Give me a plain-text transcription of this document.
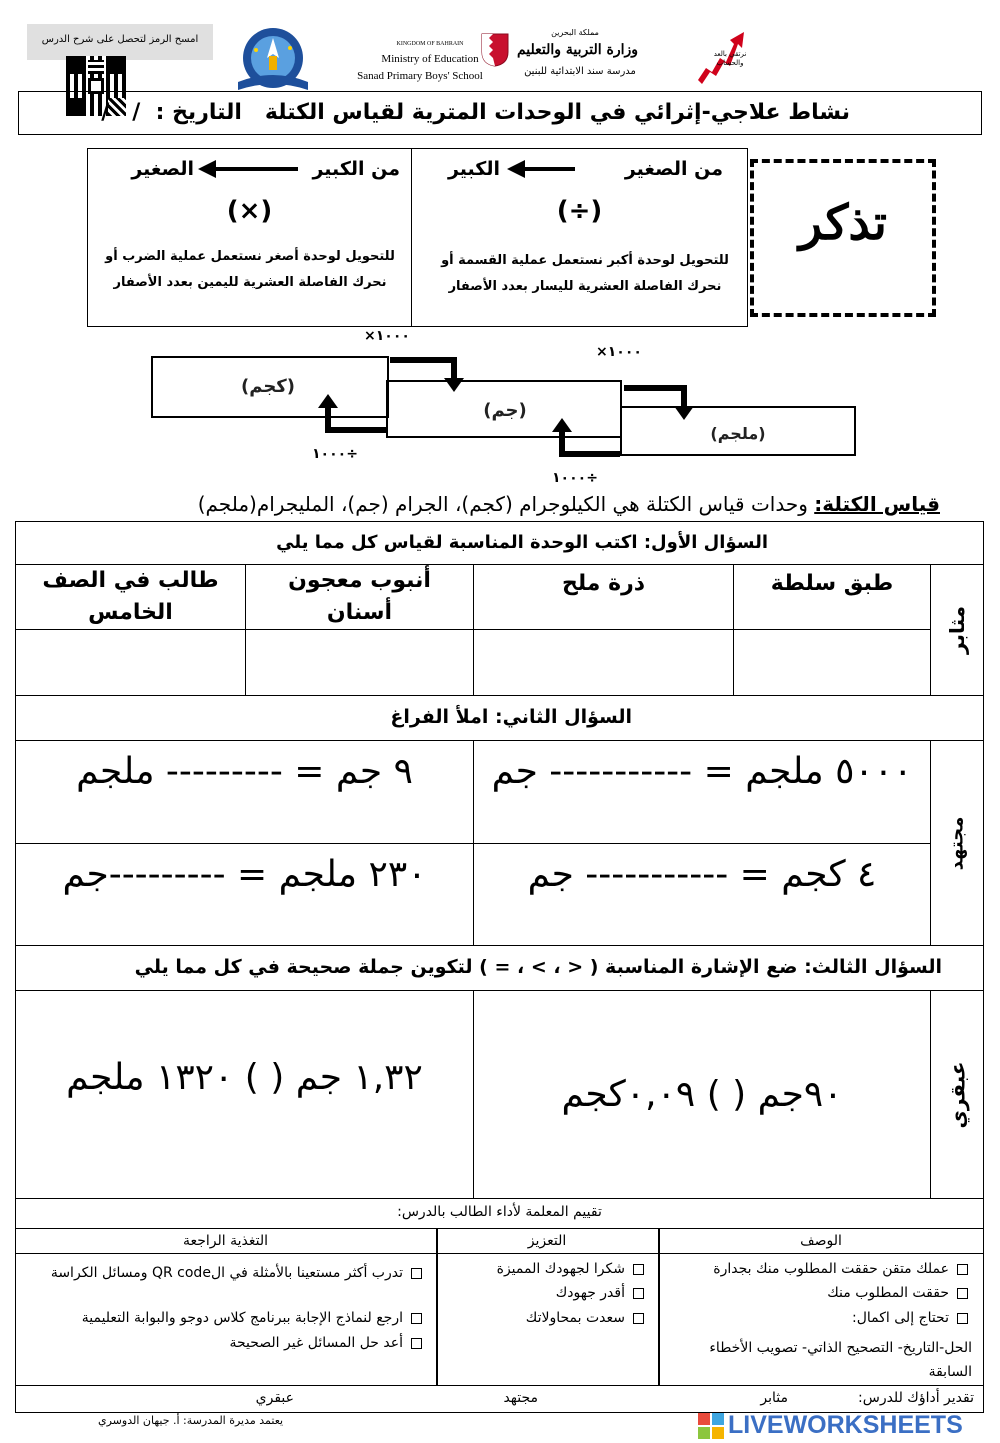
امسح الرمز لتحصل على شرح الدرس	KINGDOM OF BAHRAIN
Ministry of Education
Sanad Primary Boys' School
مملكة البحرين
وزارة التربية والتعليم
مدرسة سند الابتدائية للبنين
نرتقي بالعد والحساب
نشاط علاجي-إثرائي في الوحدات المترية لقياس الكتلة   التاريخ :  /   /
تذكر
من الصغير
الكبير
(÷)
للتحويل لوحدة أكبر نستعمل عملية القسمة أو نحرك الفاصلة العشرية لليسار بعدد الأصفار
من الكبير
الصغير
(×)
للتحويل لوحدة أصغر نستعمل عملية الضرب أو نحرك الفاصلة العشرية لليمين بعدد الأصفار
(كجم)
(جم)
(ملجم)
×١٠٠٠
×١٠٠٠
١٠٠٠÷
١٠٠٠÷
قياس الكتلة: وحدات قياس الكتلة هي الكيلوجرام (كجم)، الجرام (جم)، المليجرام(ملجم)
السؤال الأول: اكتب الوحدة المناسبة لقياس كل مما يلي
مثابر
طبق سلطة
ذرة ملح
أنبوب معجون أسنان
طالب في الصف الخامس
السؤال الثاني: املأ الفراغ
مجتهد
٥٠٠٠ ملجم = ----------- جم
٩ جم = --------- ملجم
٤ كجم = ----------- جم
٢٣٠ ملجم = ---------جم
السؤال الثالث: ضع الإشارة المناسبة ( < ، > ، = ) لتكوين جملة صحيحة في كل مما يلي
عبقري
٩٠جم ( ) ٠,٠٩كجم
١,٣٢ جم ( ) ١٣٢٠ ملجم
تقييم المعلمة لأداء الطالب بالدرس:
الوصف
التعزيز
التغذية الراجعة
عملك متقن حققت المطلوب منك بجدارة
حققت المطلوب منك
تحتاج إلى اكمال:
الحل-التاريخ- التصحيح الذاتي- تصويب الأخطاء السابقة
شكرا لجهودك المميزة
أقدر جهودك
سعدت بمحاولاتك
تدرب أكثر مستعينا بالأمثلة في الQR code ومسائل الكراسة
ارجع لنماذج الإجابة ببرنامج كلاس دوجو والبوابة التعليمية
أعد حل المسائل غير الصحيحة
تقدير أداؤك للدرس:
مثابر
مجتهد
عبقري
يعتمد مديرة المدرسة: أ. جيهان الدوسري	LIVEWORKSHEETS
